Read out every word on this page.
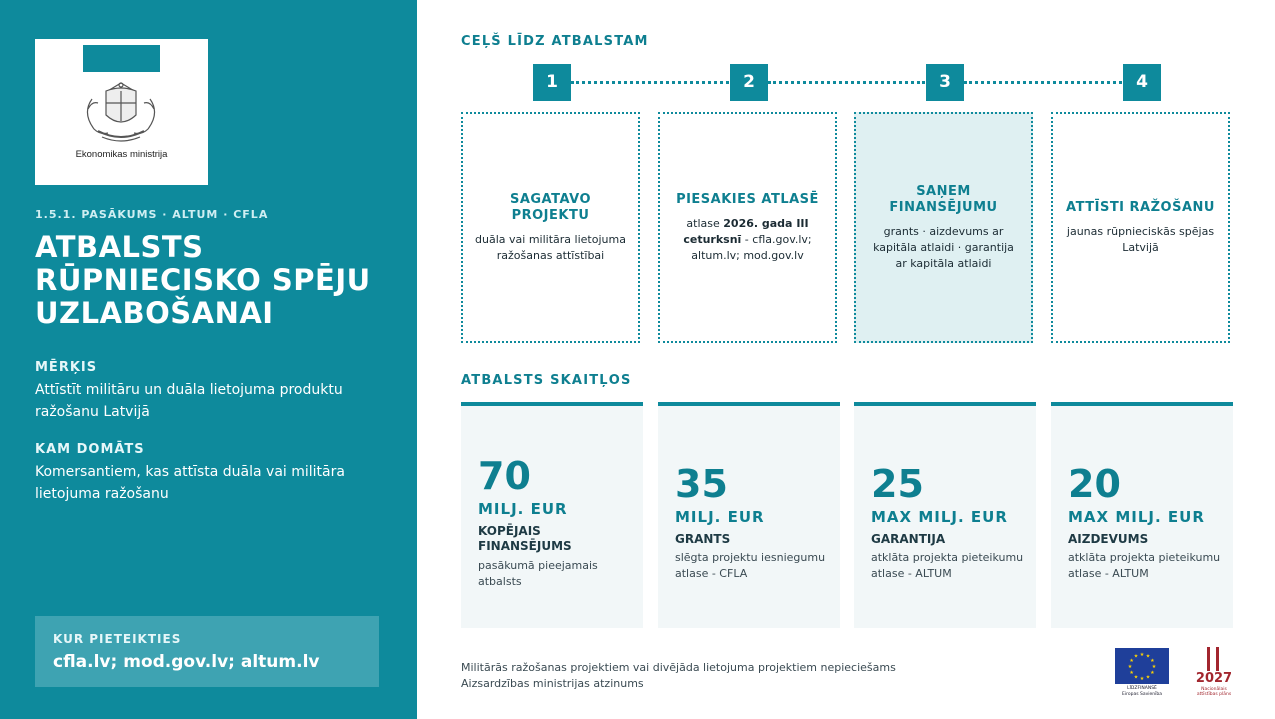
Ekonomikas ministrija
1.5.1. PASĀKUMS · ALTUM · CFLA
ATBALSTS RŪPNIECISKO SPĒJU UZLABOŠANAI
MĒRĶIS
Attīstīt militāru un duāla lietojuma produktu ražošanu Latvijā
KAM DOMĀTS
Komersantiem, kas attīsta duāla vai militāra lietojuma ražošanu
KUR PIETEIKTIES
cfla.lv; mod.gov.lv; altum.lv
CEĻŠ LĪDZ ATBALSTAM
1	2	3	4
SAGATAVO PROJEKTU
duāla vai militāra lietojuma ražošanas attīstībai
PIESAKIES ATLASĒ
atlase 2026. gada III ceturksnī - cfla.gov.lv; altum.lv; mod.gov.lv
SAŅEM FINANSĒJUMU
grants · aizdevums ar kapitāla atlaidi · garantija ar kapitāla atlaidi
ATTĪSTI RAŽOŠANU
jaunas rūpnieciskās spējas Latvijā
ATBALSTS SKAITĻOS
70
MILJ. EUR
KOPĒJAIS FINANSĒJUMS
pasākumā pieejamais atbalsts
35
MILJ. EUR
GRANTS
slēgta projektu iesniegumu atlase - CFLA
25
MAX MILJ. EUR
GARANTIJA
atklāta projekta pieteikumu atlase - ALTUM
20
MAX MILJ. EUR
AIZDEVUMS
atklāta projekta pieteikumu atlase - ALTUM
Militārās ražošanas projektiem vai divējāda lietojuma projektiem nepieciešams
Aizsardzības ministrijas atzinums
★ ★
★
★
★
★
★
★
★
★
★
★
LĪDZFINANSĒ
Eiropas Savienība
2027
Nacionālais
attīstības plāns
